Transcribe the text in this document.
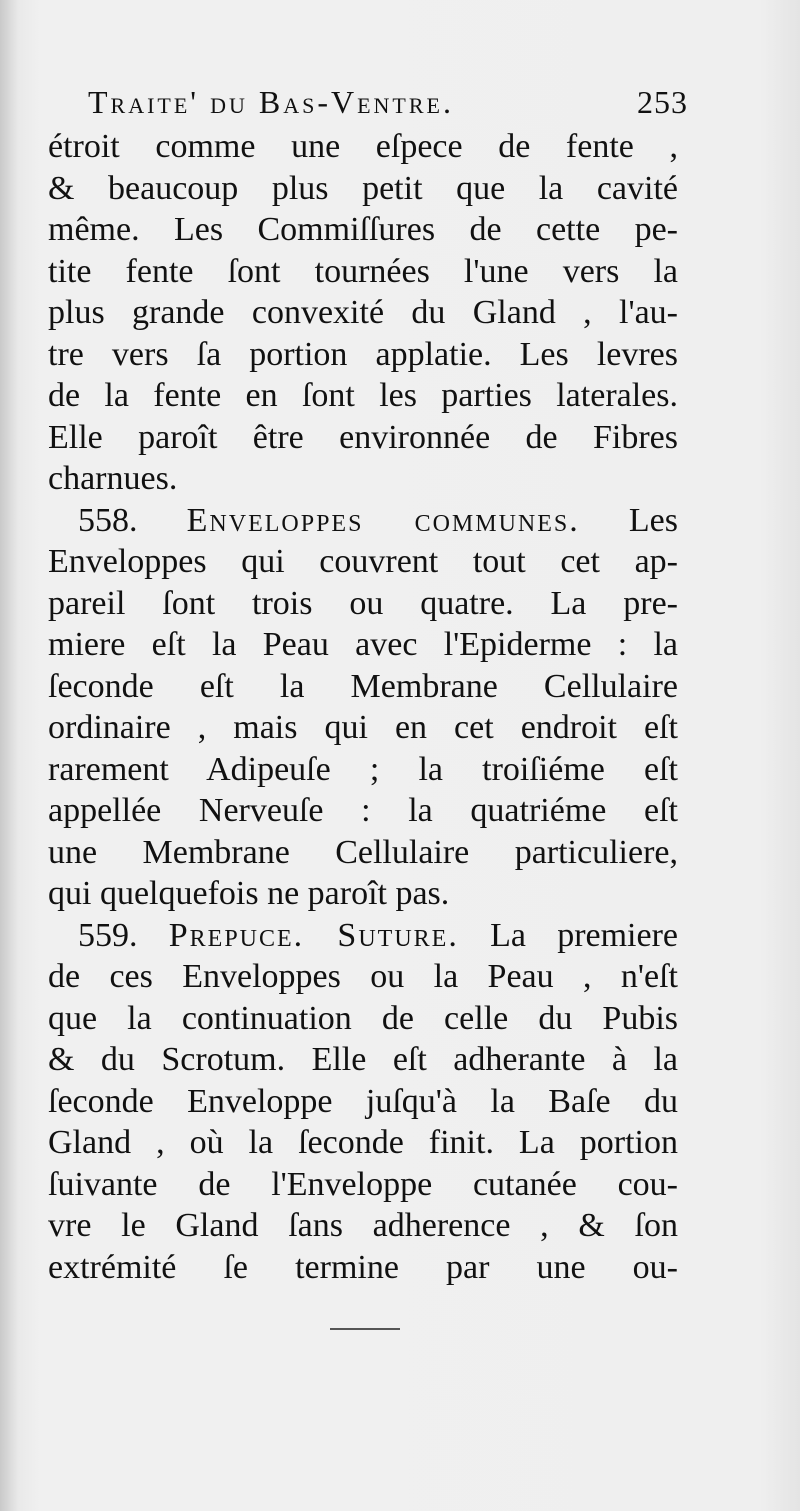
Traite' du Bas-Ventre.	253
étroit comme une eſpece de fente ,
& beaucoup plus petit que la cavité
même. Les Commiſſures de cette pe-
tite fente ſont tournées l'une vers la
plus grande convexité du Gland , l'au-
tre vers ſa portion applatie. Les levres
de la fente en ſont les parties laterales.
Elle paroît être environnée de Fibres
charnues.
558. Enveloppes communes. Les
Enveloppes qui couvrent tout cet ap-
pareil ſont trois ou quatre. La pre-
miere eſt la Peau avec l'Epiderme : la
ſeconde eſt la Membrane Cellulaire
ordinaire , mais qui en cet endroit eſt
rarement Adipeuſe ; la troiſiéme eſt
appellée Nerveuſe : la quatriéme eſt
une Membrane Cellulaire particuliere,
qui quelquefois ne paroît pas.
559. Prepuce. Suture. La premiere
de ces Enveloppes ou la Peau , n'eſt
que la continuation de celle du Pubis
& du Scrotum. Elle eſt adherante à la
ſeconde Enveloppe juſqu'à la Baſe du
Gland , où la ſeconde finit. La portion
ſuivante de l'Enveloppe cutanée cou-
vre le Gland ſans adherence , & ſon
extrémité ſe termine par une ou-
